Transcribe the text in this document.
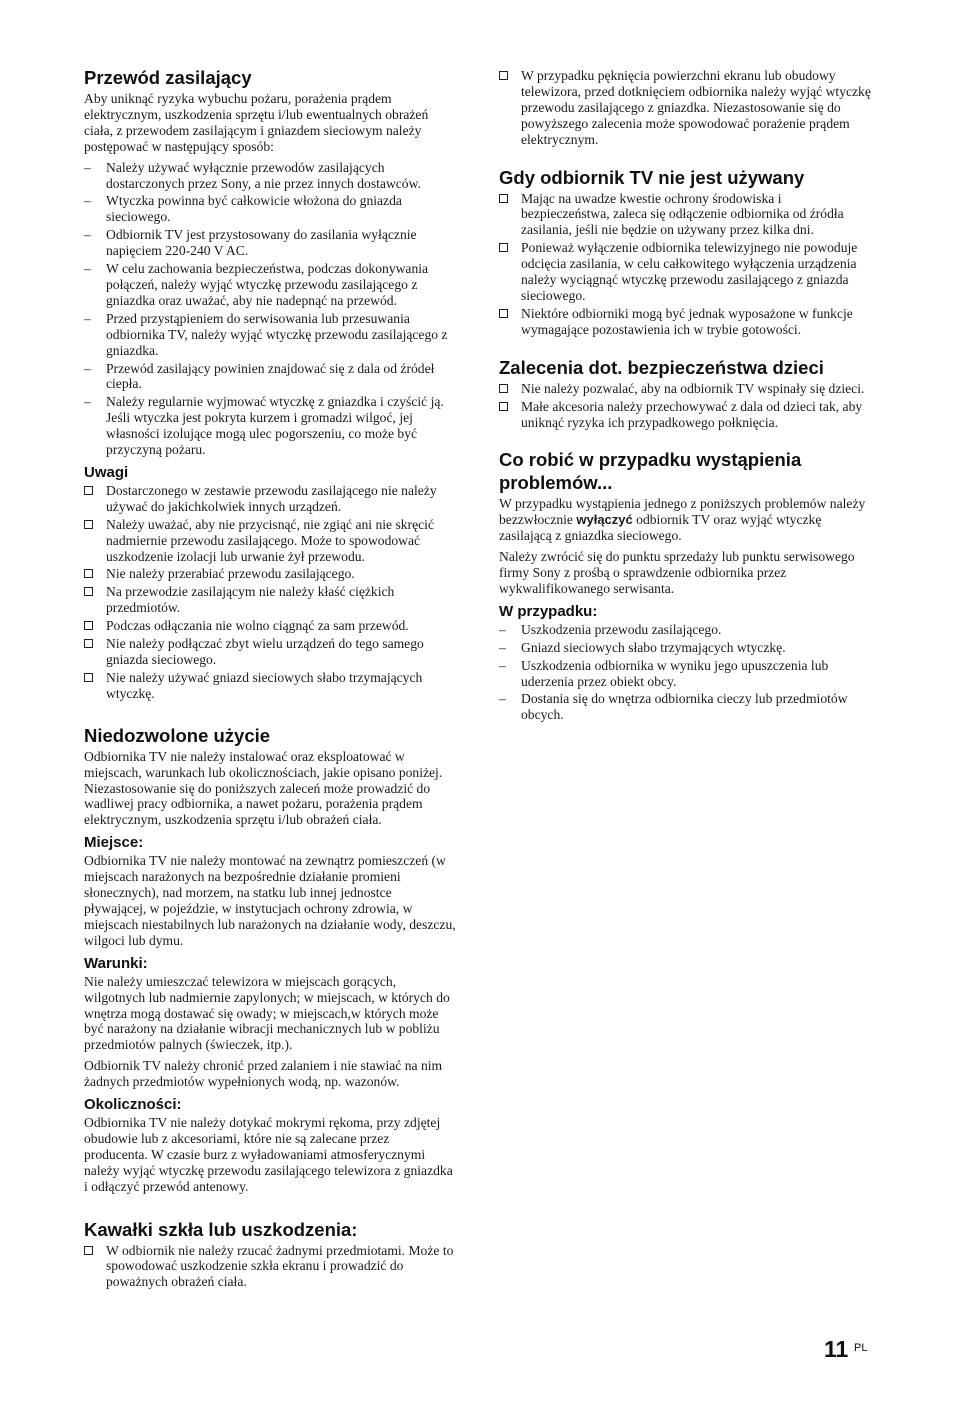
Przewód zasilający

Aby uniknąć ryzyka wybuchu pożaru, porażenia prądem elektrycznym, uszkodzenia sprzętu i/lub ewentualnych obrażeń ciała, z przewodem zasilającym i gniazdem sieciowym należy postępować w następujący sposób:

–	Należy używać wyłącznie przewodów zasilających dostarczonych przez Sony, a nie przez innych dostawców.
–	Wtyczka powinna być całkowicie włożona do gniazda sieciowego.
–	Odbiornik TV jest przystosowany do zasilania wyłącznie napięciem 220-240 V AC.
–	W celu zachowania bezpieczeństwa, podczas dokonywania połączeń, należy wyjąć wtyczkę przewodu zasilającego z gniazdka oraz uważać, aby nie nadepnąć na przewód.
–	Przed przystąpieniem do serwisowania lub przesuwania odbiornika TV, należy wyjąć wtyczkę przewodu zasilającego z gniazdka.
–	Przewód zasilający powinien znajdować się z dala od źródeł ciepła.
–	Należy regularnie wyjmować wtyczkę z gniazdka i czyścić ją. Jeśli wtyczka jest pokryta kurzem i gromadzi wilgoć, jej własności izolujące mogą ulec pogorszeniu, co może być przyczyną pożaru.
Uwagi
Dostarczonego w zestawie przewodu zasilającego nie należy używać do jakichkolwiek innych urządzeń.
Należy uważać, aby nie przycisnąć, nie zgiąć ani nie skręcić nadmiernie przewodu zasilającego. Może to spowodować uszkodzenie izolacji lub urwanie żył przewodu.
Nie należy przerabiać przewodu zasilającego.
Na przewodzie zasilającym nie należy kłaść ciężkich przedmiotów.
Podczas odłączania nie wolno ciągnąć za sam przewód.
Nie należy podłączać zbyt wielu urządzeń do tego samego gniazda sieciowego.
Nie należy używać gniazd sieciowych słabo trzymających wtyczkę.
Niedozwolone użycie

Odbiornika TV nie należy instalować oraz eksploatować w miejscach, warunkach lub okolicznościach, jakie opisano poniżej. Niezastosowanie się do poniższych zaleceń może prowadzić do wadliwej pracy odbiornika, a nawet pożaru, porażenia prądem elektrycznym, uszkodzenia sprzętu i/lub obrażeń ciała.

Miejsce:

Odbiornika TV nie należy montować na zewnątrz pomieszczeń (w miejscach narażonych na bezpośrednie działanie promieni słonecznych), nad morzem, na statku lub innej jednostce pływającej, w pojeździe, w instytucjach ochrony zdrowia, w miejscach niestabilnych lub narażonych na działanie wody, deszczu, wilgoci lub dymu.

Warunki:

Nie należy umieszczać telewizora w miejscach gorących, wilgotnych lub nadmiernie zapylonych; w miejscach, w których do wnętrza mogą dostawać się owady; w miejscach,w których może być narażony na działanie wibracji mechanicznych lub w pobliżu przedmiotów palnych (świeczek, itp.).

Odbiornik TV należy chronić przed zalaniem i nie stawiać na nim żadnych przedmiotów wypełnionych wodą, np. wazonów.

Okoliczności:

Odbiornika TV nie należy dotykać mokrymi rękoma, przy zdjętej obudowie lub z akcesoriami, które nie są zalecane przez producenta. W czasie burz z wyładowaniami atmosferycznymi należy wyjąć wtyczkę przewodu zasilającego telewizora z gniazdka i odłączyć przewód antenowy.

Kawałki szkła lub uszkodzenia:
W odbiornik nie należy rzucać żadnymi przedmiotami. Może to spowodować uszkodzenie szkła ekranu i prowadzić do poważnych obrażeń ciała.
W przypadku pęknięcia powierzchni ekranu lub obudowy telewizora, przed dotknięciem odbiornika należy wyjąć wtyczkę przewodu zasilającego z gniazdka. Niezastosowanie się do powyższego zalecenia może spowodować porażenie prądem elektrycznym.
Gdy odbiornik TV nie jest używany
Mając na uwadze kwestie ochrony środowiska i bezpieczeństwa, zaleca się odłączenie odbiornika od źródła zasilania, jeśli nie będzie on używany przez kilka dni.
Ponieważ wyłączenie odbiornika telewizyjnego nie powoduje odcięcia zasilania, w celu całkowitego wyłączenia urządzenia należy wyciągnąć wtyczkę przewodu zasilającego z gniazda sieciowego.
Niektóre odbiorniki mogą być jednak wyposażone w funkcje wymagające pozostawienia ich w trybie gotowości.
Zalecenia dot. bezpieczeństwa dzieci
Nie należy pozwalać, aby na odbiornik TV wspinały się dzieci.
Małe akcesoria należy przechowywać z dala od dzieci tak, aby uniknąć ryzyka ich przypadkowego połknięcia.
Co robić w przypadku wystąpienia problemów...

W przypadku wystąpienia jednego z poniższych problemów należy bezzwłocznie wyłączyć odbiornik TV oraz wyjąć wtyczkę zasilającą z gniazdka sieciowego.

Należy zwrócić się do punktu sprzedaży lub punktu serwisowego firmy Sony z prośbą o sprawdzenie odbiornika przez wykwalifikowanego serwisanta.

W przypadku:
–	Uszkodzenia przewodu zasilającego.
–	Gniazd sieciowych słabo trzymających wtyczkę.
–	Uszkodzenia odbiornika w wyniku jego upuszczenia lub uderzenia przez obiekt obcy.
–	Dostania się do wnętrza odbiornika cieczy lub przedmiotów obcych.
11 PL
